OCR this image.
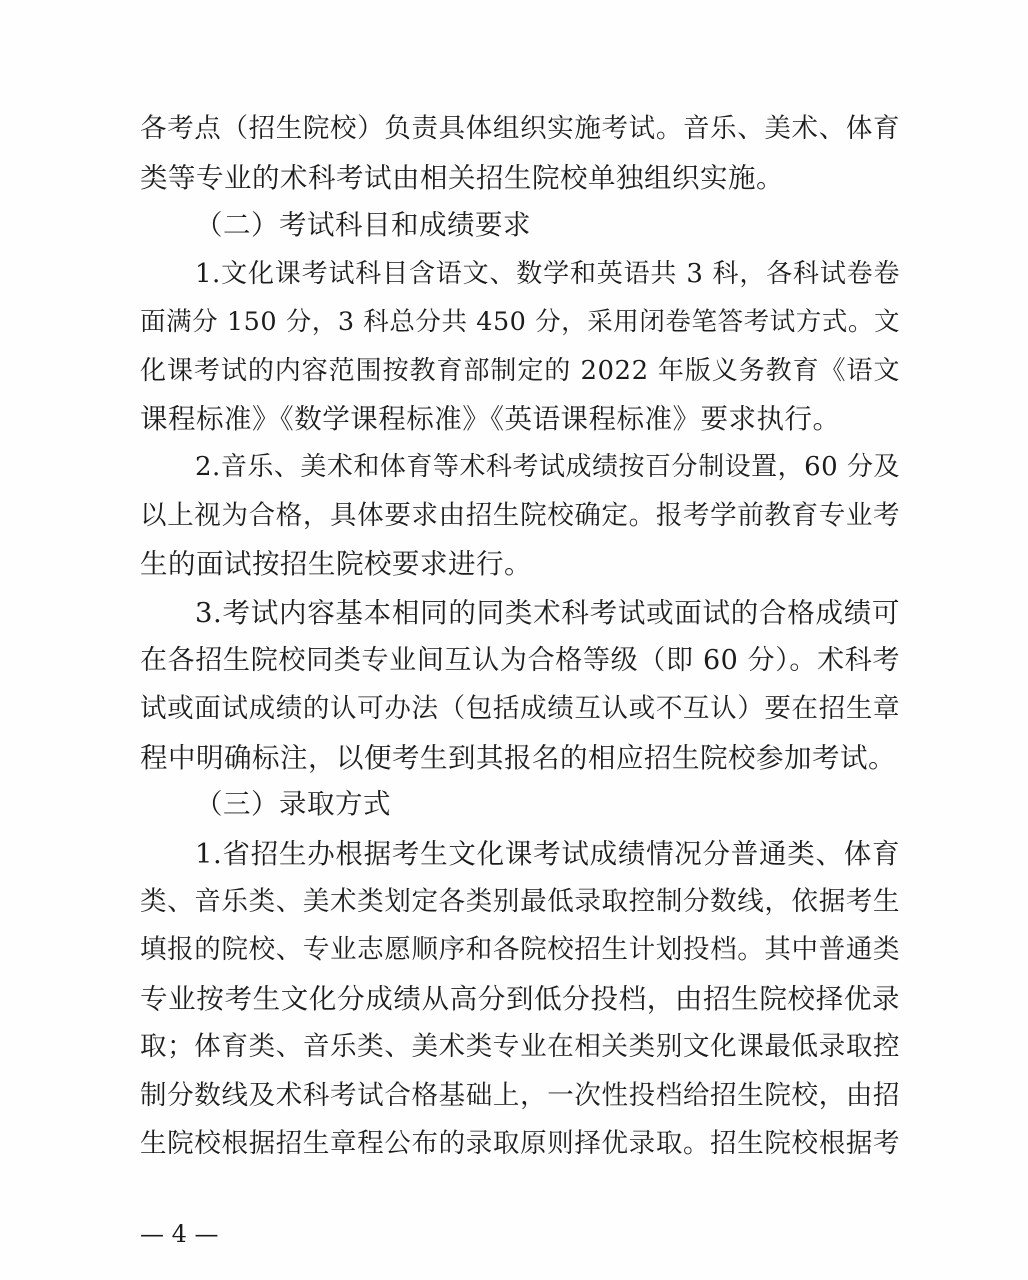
各考点（招生院校）负责具体组织实施考试。音乐、美术、体育
类等专业的术科考试由相关招生院校单独组织实施。
（二）考试科目和成绩要求
1.文化课考试科目含语文、数学和英语共 3 科，各科试卷卷
面满分 150 分，3 科总分共 450 分，采用闭卷笔答考试方式。文
化课考试的内容范围按教育部制定的 2022 年版义务教育《语文
课程标准》《数学课程标准》《英语课程标准》要求执行。
2.音乐、美术和体育等术科考试成绩按百分制设置，60 分及
以上视为合格，具体要求由招生院校确定。报考学前教育专业考
生的面试按招生院校要求进行。
3.考试内容基本相同的同类术科考试或面试的合格成绩可
在各招生院校同类专业间互认为合格等级（即 60 分）。术科考
试或面试成绩的认可办法（包括成绩互认或不互认）要在招生章
程中明确标注，以便考生到其报名的相应招生院校参加考试。
（三）录取方式
1.省招生办根据考生文化课考试成绩情况分普通类、体育
类、音乐类、美术类划定各类别最低录取控制分数线，依据考生
填报的院校、专业志愿顺序和各院校招生计划投档。其中普通类
专业按考生文化分成绩从高分到低分投档，由招生院校择优录
取；体育类、音乐类、美术类专业在相关类别文化课最低录取控
制分数线及术科考试合格基础上，一次性投档给招生院校，由招
生院校根据招生章程公布的录取原则择优录取。招生院校根据考
— 4 —
